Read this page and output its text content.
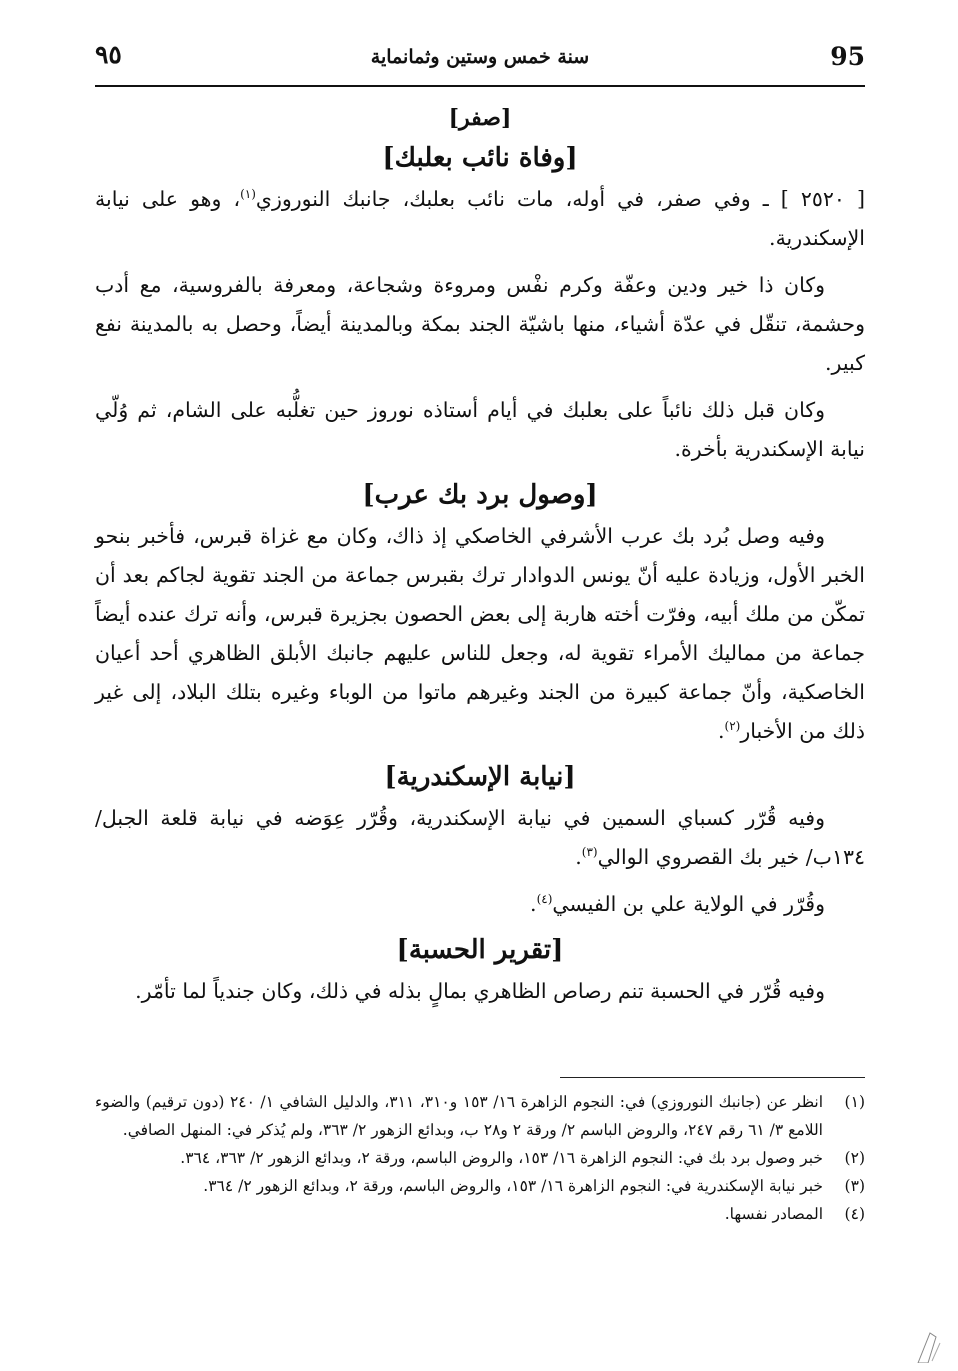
95
سنة خمس وستين وثمانماية
٩٥
[صفر]
[وفاة نائب بعلبك]

[ ٢٥٢٠ ] ـ وفي صفر، في أوله، مات نائب بعلبك، جانبك النوروزي$^{(١)}$، وهو على نيابة الإسكندرية.

وكان ذا خير ودين وعفّة وكرم نفْس ومروءة وشجاعة، ومعرفة بالفروسية، مع أدب وحشمة، تنقّل في عدّة أشياء، منها باشيّة الجند بمكة وبالمدينة أيضاً، وحصل به بالمدينة نفع كبير.

وكان قبل ذلك نائباً على بعلبك في أيام أستاذه نوروز حين تغلُّبه على الشام، ثم وُلّي نيابة الإسكندرية بأخرة.

[وصول برد بك عرب]

وفيه وصل بُرد بك عرب الأشرفي الخاصكي إذ ذاك، وكان مع غزاة قبرس، فأخبر بنحو الخبر الأول، وزيادة عليه أنّ يونس الدوادار ترك بقبرس جماعة من الجند تقوية لجاكم بعد أن تمكّن من ملك أبيه، وفرّت أخته هاربة إلى بعض الحصون بجزيرة قبرس، وأنه ترك عنده أيضاً جماعة من مماليك الأمراء تقوية له، وجعل للناس عليهم جانبك الأبلق الظاهري أحد أعيان الخاصكية، وأنّ جماعة كبيرة من الجند وغيرهم ماتوا من الوباء وغيره بتلك البلاد، إلى غير ذلك من الأخبار$^{(٢)}$.

[نيابة الإسكندرية]

وفيه قُرّر كسباي السمين في نيابة الإسكندرية، وقُرّر عِوَضه في نيابة قلعة الجبل/ ١٣٤ب/ خير بك القصروي الوالي$^{(٣)}$.

وقُرّر في الولاية علي بن الفيسي$^{(٤)}$.

[تقرير الحسبة]

وفيه قُرّر في الحسبة تنم رصاص الظاهري بمالٍ بذله في ذلك، وكان جندياً لما تأمّر.

(١)
انظر عن (جانبك النوروزي) في: النجوم الزاهرة ١٦/ ١٥٣ و٣١٠، ٣١١، والدليل الشافي ١/ ٢٤٠ (دون ترقيم) والضوء اللامع ٣/ ٦١ رقم ٢٤٧، والروض الباسم ٢/ ورقة ٢ و٢٨ ب، وبدائع الزهور ٢/ ٣٦٣، ولم يُذكر في: المنهل الصافي.
(٢)
خبر وصول برد بك في: النجوم الزاهرة ١٦/ ١٥٣، والروض الباسم، ورقة ٢، وبدائع الزهور ٢/ ٣٦٣، ٣٦٤.
(٣)
خبر نيابة الإسكندرية في: النجوم الزاهرة ١٦/ ١٥٣، والروض الباسم، ورقة ٢، وبدائع الزهور ٢/ ٣٦٤.
(٤)
المصادر نفسها.
